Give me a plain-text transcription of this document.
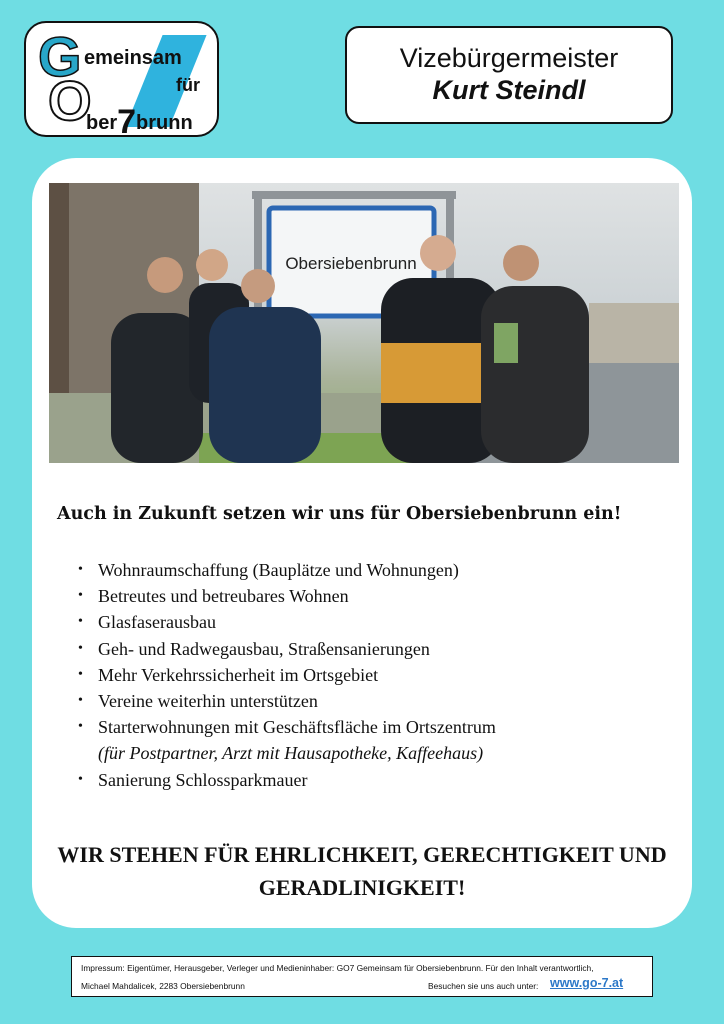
G
O
emeinsam
für
ber7brunn
Vizebürgermeister
Kurt Steindl
Obersiebenbrunn
Auch in Zukunft setzen wir uns für Obersiebenbrunn ein!
• Wohnraumschaffung (Bauplätze und Wohnungen)
• Betreutes und betreubares Wohnen
• Glasfaserausbau
• Geh- und Radwegausbau, Straßensanierungen
• Mehr Verkehrssicherheit im Ortsgebiet
• Vereine weiterhin unterstützen
• Starterwohnungen mit Geschäftsfläche im Ortszentrum
(für Postpartner, Arzt mit Hausapotheke, Kaffeehaus)
• Sanierung Schlossparkmauer
WIR STEHEN FÜR EHRLICHKEIT, GERECHTIGKEIT UND
GERADLINIGKEIT!
Impressum: Eigentümer, Herausgeber, Verleger und Medieninhaber: GO7 Gemeinsam für Obersiebenbrunn. Für den Inhalt verantwortlich,
Michael Mahdalicek, 2283 Obersiebenbrunn	Besuchen sie uns auch unter: www.go-7.at
